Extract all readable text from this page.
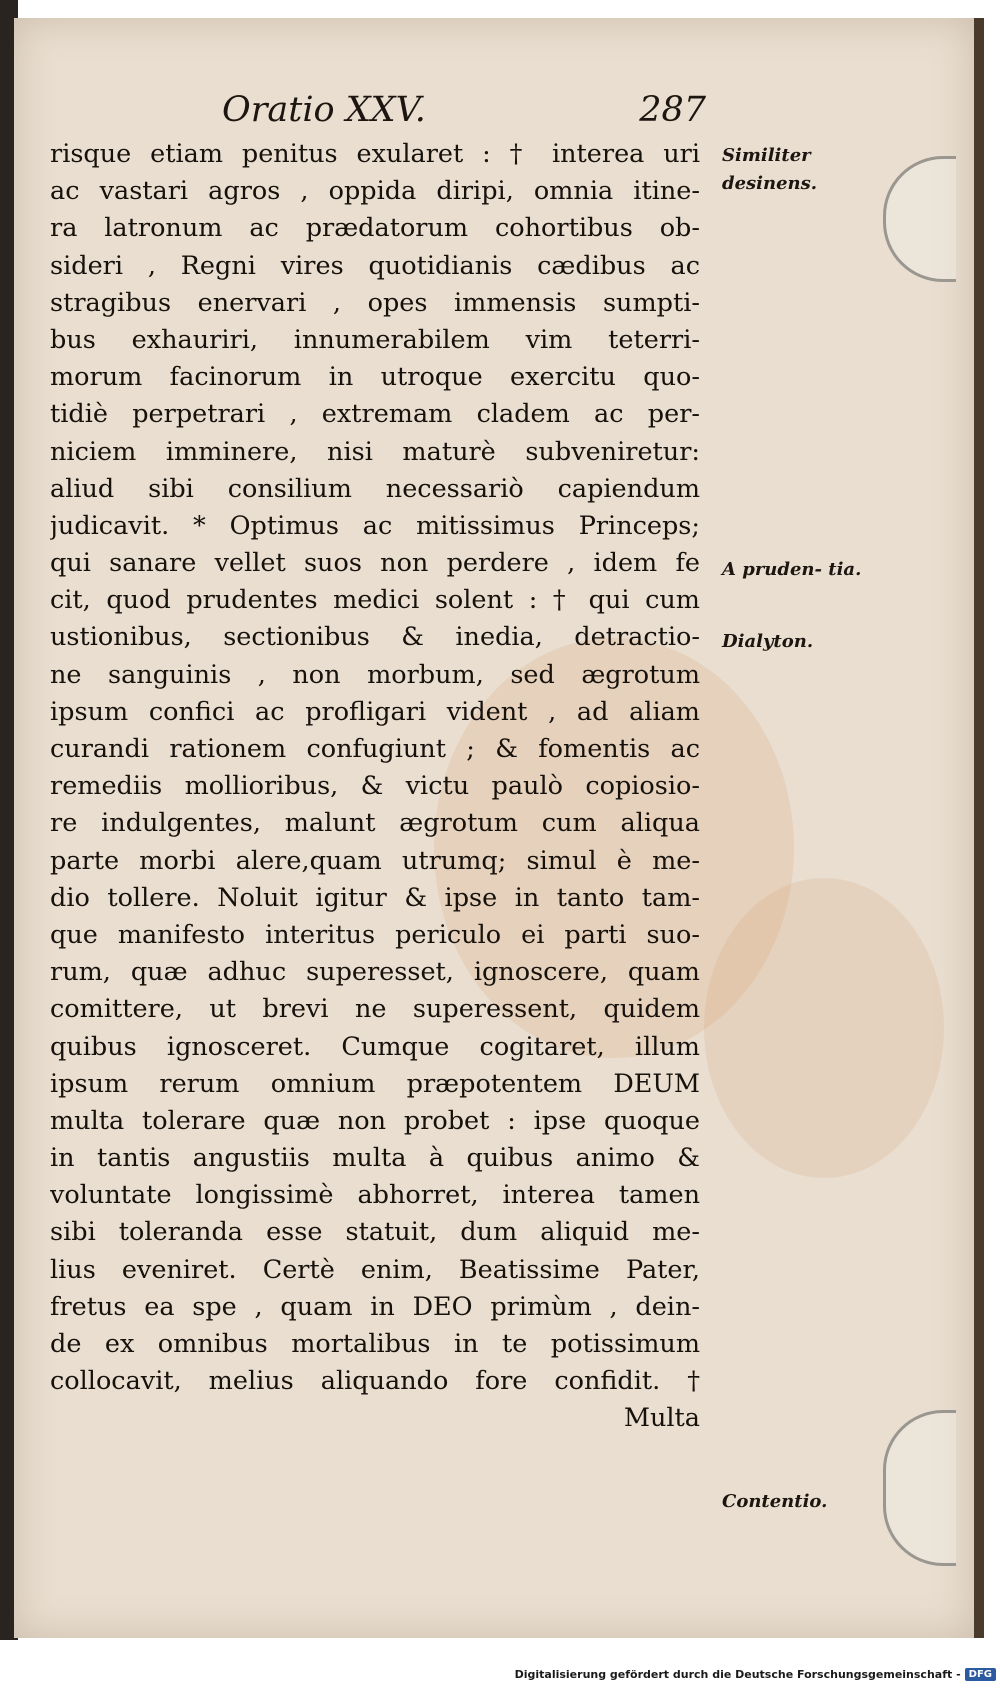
Oratio XXV.	287
risque etiam penitus exularet : † interea uri
ac vastari agros , oppida diripi, omnia itine-
ra latronum ac prædatorum cohortibus ob-
sideri , Regni vires quotidianis cædibus ac
stragibus enervari , opes immensis sumpti-
bus exhauriri, innumerabilem vim teterri-
morum facinorum in utroque exercitu quo-
tidiè perpetrari , extremam cladem ac per-
niciem imminere, nisi maturè subveniretur:
aliud sibi consilium necessariò capiendum
judicavit. * Optimus ac mitissimus Princeps;
qui sanare vellet suos non perdere , idem fe
cit, quod prudentes medici solent : † qui cum
ustionibus, sectionibus & inedia, detractio-
ne sanguinis , non morbum, sed ægrotum
ipsum confici ac profligari vident , ad aliam
curandi rationem confugiunt ; & fomentis ac
remediis mollioribus, & victu paulò copiosio-
re indulgentes, malunt ægrotum cum aliqua
parte morbi alere,quam utrumq; simul è me-
dio tollere. Noluit igitur & ipse in tanto tam-
que manifesto interitus periculo ei parti suo-
rum, quæ adhuc superesset, ignoscere, quam
comittere, ut brevi ne superessent, quidem
quibus ignosceret. Cumque cogitaret, illum
ipsum rerum omnium præpotentem DEUM
multa tolerare quæ non probet : ipse quoque
in tantis angustiis multa à quibus animo &
voluntate longissimè abhorret, interea tamen
sibi toleranda esse statuit, dum aliquid me-
lius eveniret. Certè enim, Beatissime Pater,
fretus ea spe , quam in DEO primùm , dein-
de ex omnibus mortalibus in te potissimum
collocavit, melius aliquando fore confidit. †
Multa
Similiter desinens.
A pruden- tia.
Dialyton.
Contentio.
Digitalisierung gefördert durch die Deutsche Forschungsgemeinschaft - DFG
